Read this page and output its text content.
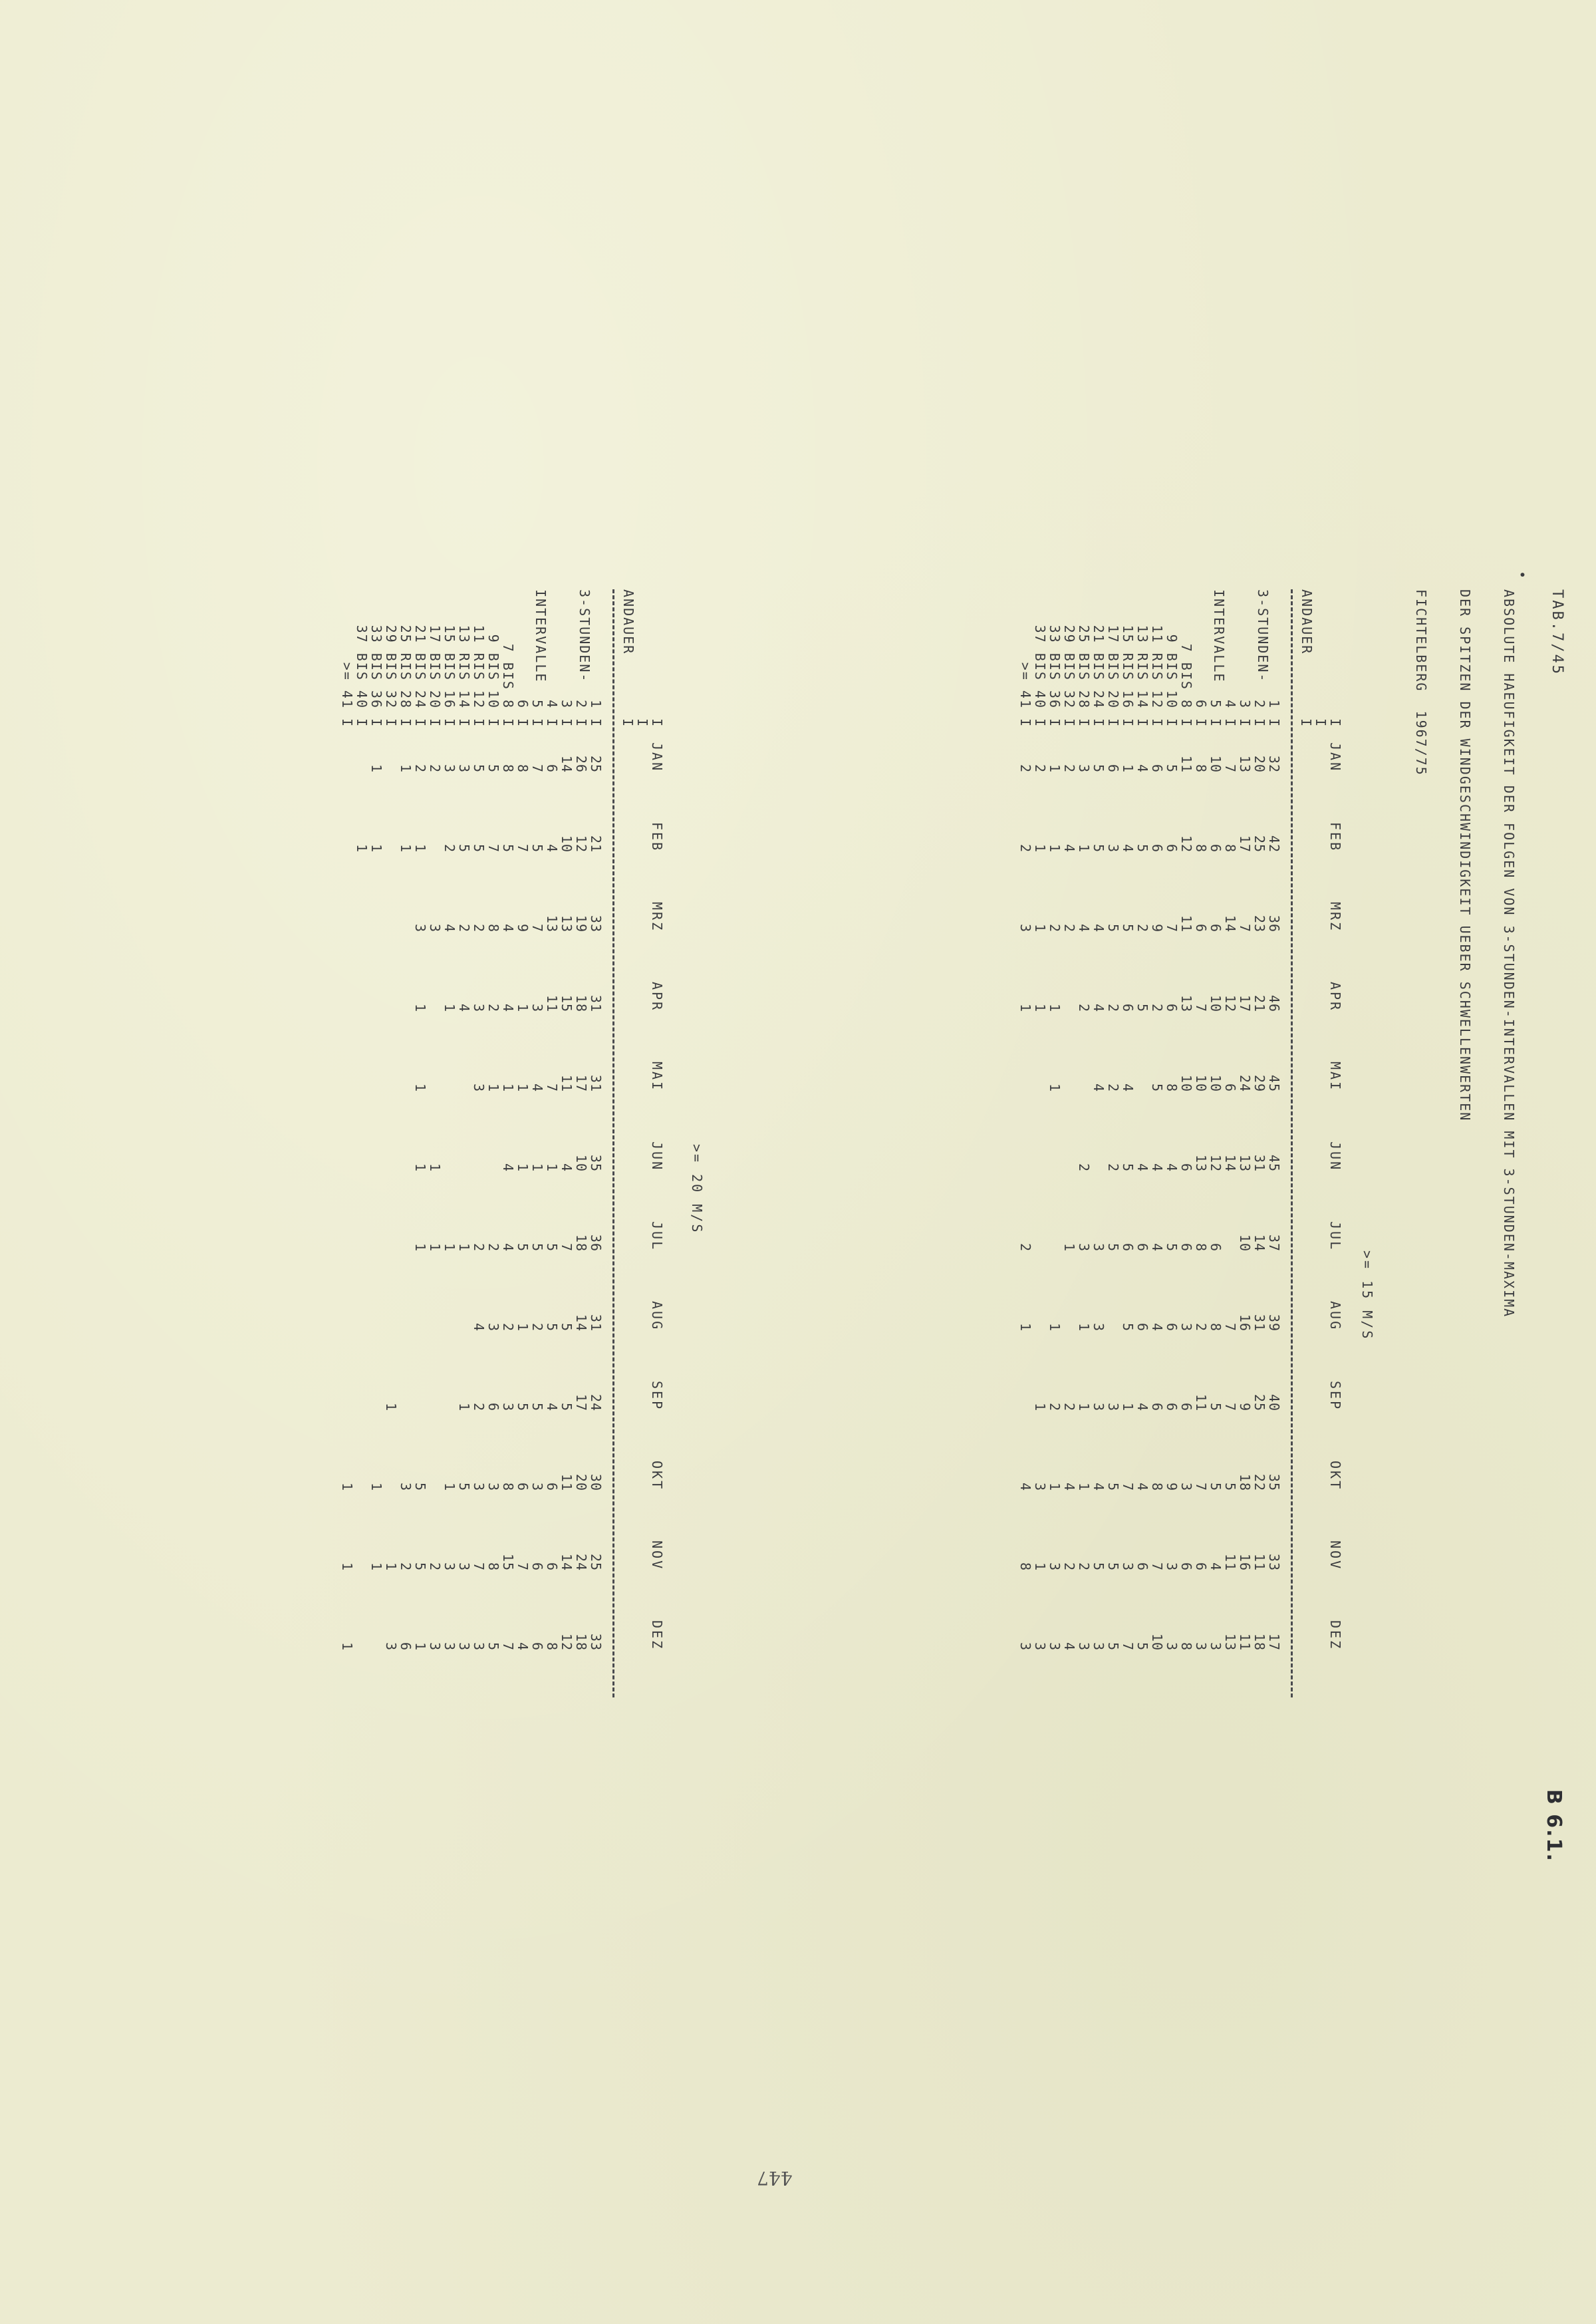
TAB.7/45
B 6.1.
•

ABSOLUTE HAEUFIGKEIT DER FOLGEN VON 3-STUNDEN-INTERVALLEN MIT 3-STUNDEN-MAXIMA

DER SPITZEN DER WINDGESCHWINDIGKEIT UEBER SCHWELLENWERTEN

FICHTELBERG  1967/75

>= 15 M/S

ANDAUER

3-STUNDEN-

INTERVALLE

JAN
FEB
MRZ
APR
MAI
JUN
JUL
AUG
SEP
OKT
NOV
DEZ
I
I
I
1
I
32
42
36
46
45
45
37
39
40
35
33
17
2
I
20
25
23
21
29
31
14
31
25
22
11
18
3
I
13
17
7
17
24
13
10
16
9
18
16
11
4
I
7
8
14
12
6
14
7
7
5
11
13
5
I
10
6
6
10
10
12
6
8
5
5
4
3
6
I
8
8
6
7
10
13
8
2
11
7
6
3
7 BIS 8
I
11
12
11
13
10
6
6
3
6
3
6
8
9 BIS 10
I
5
6
7
6
8
4
5
6
6
9
3
3
11 RIS 12
I
6
6
9
2
5
4
4
4
6
8
7
10
13 RIS 14
I
4
5
2
5
4
6
6
4
4
6
5
15 RIS 16
I
1
4
5
6
4
5
6
5
1
7
3
7
17 BIS 20
I
6
3
5
2
2
2
5
3
5
5
5
21 BIS 24
I
5
5
4
4
4
3
3
3
4
5
3
25 BIS 28
I
3
1
4
2
2
3
1
1
1
2
3
29 BIS 32
I
2
4
2
1
2
4
2
4
33 BIS 36
I
1
1
2
1
1
1
2
1
3
3
37 BIS 40
I
2
1
1
1
1
3
1
3
>= 41
I
2
2
3
1
2
1
4
8
3
>= 20 M/S

ANDAUER

3-STUNDEN-

INTERVALLE

JAN
FEB
MRZ
APR
MAI
JUN
JUL
AUG
SEP
OKT
NOV
DEZ
I
I
I
1
I
25
21
33
31
31
35
36
31
24
30
25
33
2
I
26
12
19
18
17
10
18
14
17
20
24
18
3
I
14
10
13
15
11
4
7
5
5
11
14
12
4
I
6
4
13
11
7
1
5
5
4
6
6
8
5
I
7
5
7
3
4
1
5
2
5
3
6
6
6
I
8
7
9
1
1
1
5
1
5
6
7
4
7 BIS 8
I
8
5
4
4
1
4
4
2
3
8
15
7
9 BIS 10
I
5
7
8
2
1
2
3
6
3
8
5
11 RIS 12
I
5
5
2
3
3
2
4
2
3
7
3
13 RIS 14
I
3
5
2
4
1
1
5
3
3
15 BIS 16
I
3
2
4
1
1
1
3
3
17 BIS 20
I
2
3
1
1
2
3
21 BIS 24
I
2
1
3
1
1
1
1
5
5
1
25 RIS 28
I
1
1
3
2
6
29 BIS 32
I
1
1
3
33 BIS 36
I
1
1
1
1
37 BIS 40
I
1
>= 41
I
1
1
1
447
